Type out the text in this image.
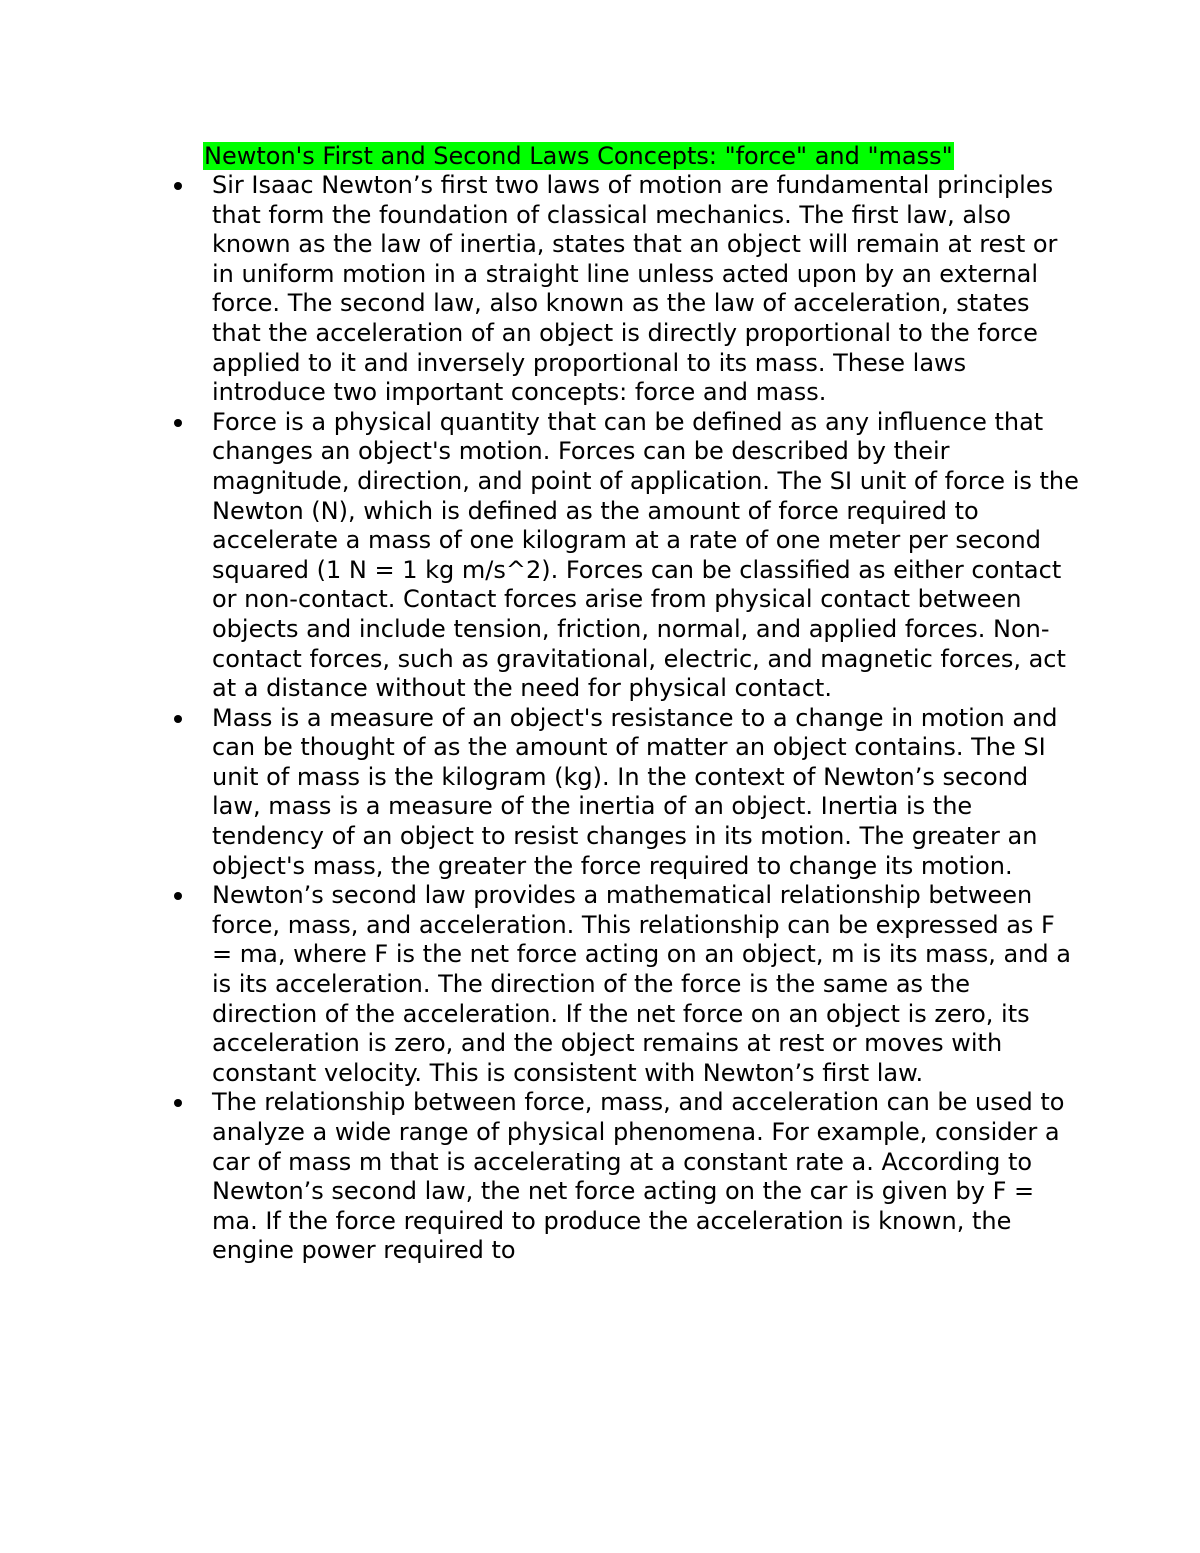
Newton's First and Second Laws Concepts: "force" and "mass"
Sir Isaac Newton’s first two laws of motion are fundamental principles that form the foundation of classical mechanics. The first law, also known as the law of inertia, states that an object will remain at rest or in uniform motion in a straight line unless acted upon by an external force. The second law, also known as the law of acceleration, states that the acceleration of an object is directly proportional to the force applied to it and inversely proportional to its mass. These laws introduce two important concepts: force and mass.
Force is a physical quantity that can be defined as any influence that changes an object's motion. Forces can be described by their magnitude, direction, and point of application. The SI unit of force is the Newton (N), which is defined as the amount of force required to accelerate a mass of one kilogram at a rate of one meter per second squared (1 N = 1 kg m/s^2). Forces can be classified as either contact or non-contact. Contact forces arise from physical contact between objects and include tension, friction, normal, and applied forces. Non-contact forces, such as gravitational, electric, and magnetic forces, act at a distance without the need for physical contact.
Mass is a measure of an object's resistance to a change in motion and can be thought of as the amount of matter an object contains. The SI unit of mass is the kilogram (kg). In the context of Newton’s second law, mass is a measure of the inertia of an object. Inertia is the tendency of an object to resist changes in its motion. The greater an object's mass, the greater the force required to change its motion.
Newton’s second law provides a mathematical relationship between force, mass, and acceleration. This relationship can be expressed as F = ma, where F is the net force acting on an object, m is its mass, and a is its acceleration. The direction of the force is the same as the direction of the acceleration. If the net force on an object is zero, its acceleration is zero, and the object remains at rest or moves with constant velocity. This is consistent with Newton’s first law.
The relationship between force, mass, and acceleration can be used to analyze a wide range of physical phenomena. For example, consider a car of mass m that is accelerating at a constant rate a. According to Newton’s second law, the net force acting on the car is given by F = ma. If the force required to produce the acceleration is known, the engine power required to
